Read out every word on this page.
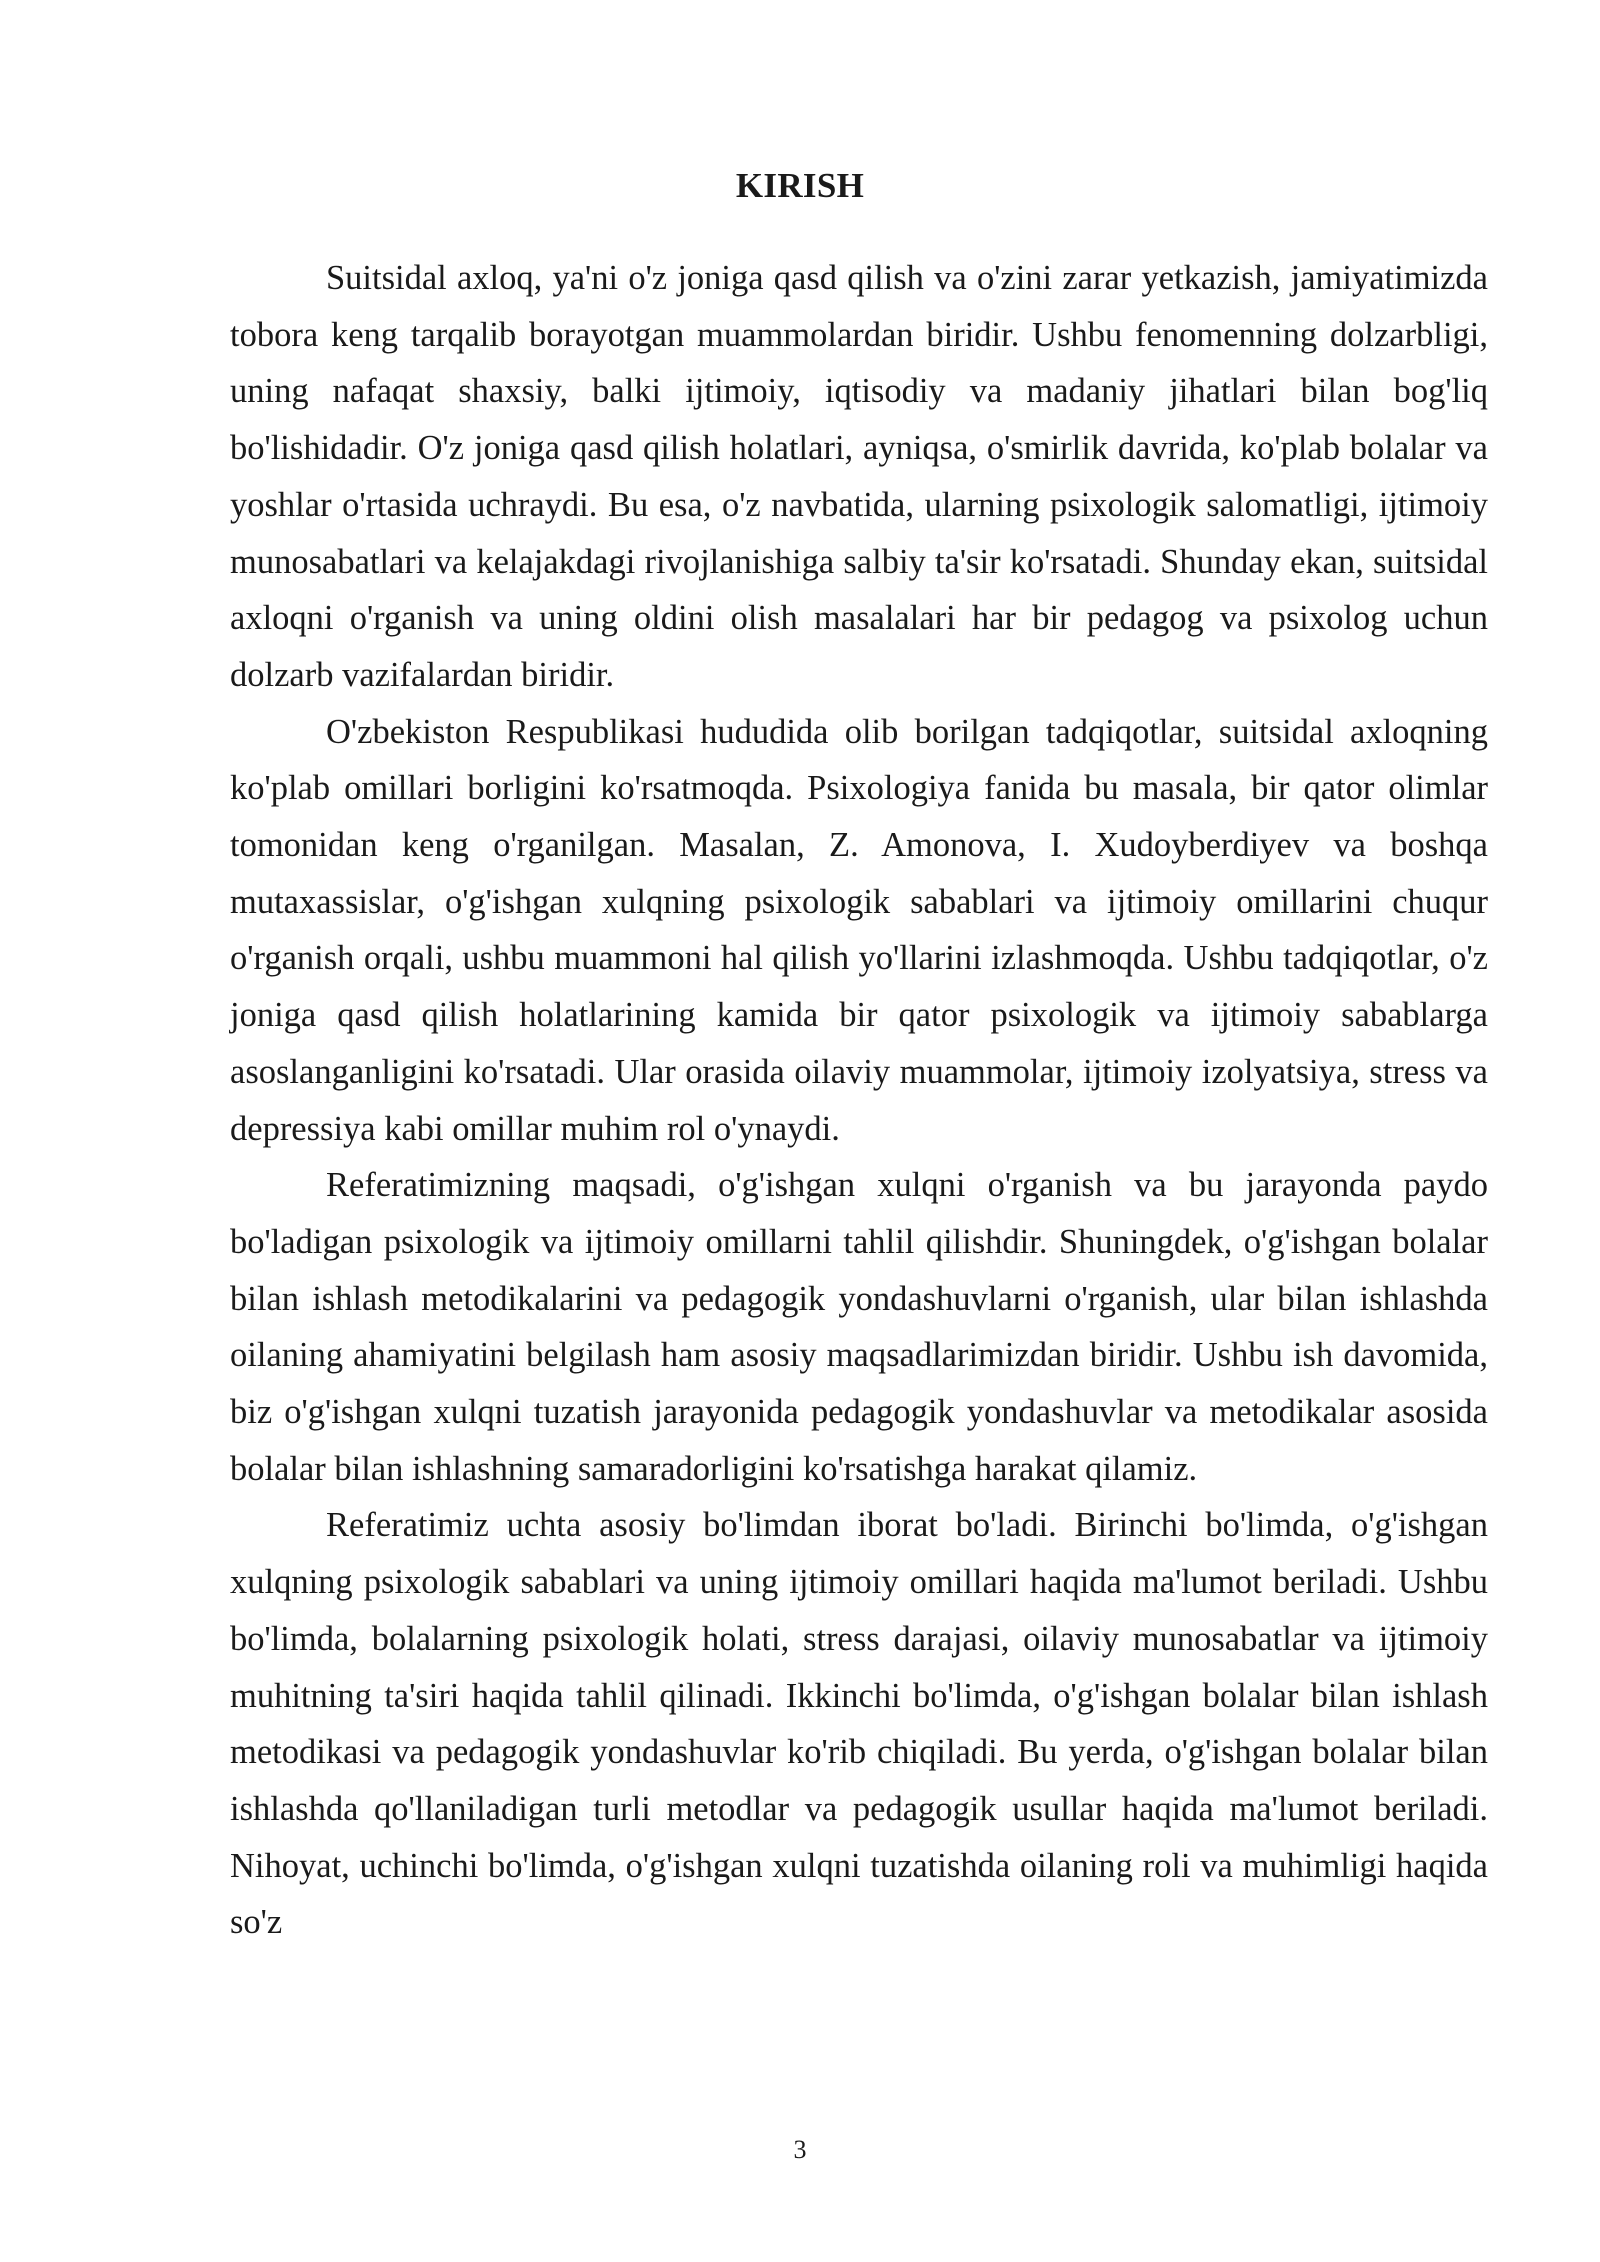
KIRISH

Suitsidal axloq, ya'ni o'z joniga qasd qilish va o'zini zarar yetkazish, jamiyatimizda tobora keng tarqalib borayotgan muammolardan biridir. Ushbu fenomenning dolzarbligi, uning nafaqat shaxsiy, balki ijtimoiy, iqtisodiy va madaniy jihatlari bilan bog'liq bo'lishidadir. O'z joniga qasd qilish holatlari, ayniqsa, o'smirlik davrida, ko'plab bolalar va yoshlar o'rtasida uchraydi. Bu esa, o'z navbatida, ularning psixologik salomatligi, ijtimoiy munosabatlari va kelajakdagi rivojlanishiga salbiy ta'sir ko'rsatadi. Shunday ekan, suitsidal axloqni o'rganish va uning oldini olish masalalari har bir pedagog va psixolog uchun dolzarb vazifalardan biridir.

O'zbekiston Respublikasi hududida olib borilgan tadqiqotlar, suitsidal axloqning ko'plab omillari borligini ko'rsatmoqda. Psixologiya fanida bu masala, bir qator olimlar tomonidan keng o'rganilgan. Masalan, Z. Amonova, I. Xudoyberdiyev va boshqa mutaxassislar, o'g'ishgan xulqning psixologik sabablari va ijtimoiy omillarini chuqur o'rganish orqali, ushbu muammoni hal qilish yo'llarini izlashmoqda. Ushbu tadqiqotlar, o'z joniga qasd qilish holatlarining kamida bir qator psixologik va ijtimoiy sabablarga asoslanganligini ko'rsatadi. Ular orasida oilaviy muammolar, ijtimoiy izolyatsiya, stress va depressiya kabi omillar muhim rol o'ynaydi.

Referatimizning maqsadi, o'g'ishgan xulqni o'rganish va bu jarayonda paydo bo'ladigan psixologik va ijtimoiy omillarni tahlil qilishdir. Shuningdek, o'g'ishgan bolalar bilan ishlash metodikalarini va pedagogik yondashuvlarni o'rganish, ular bilan ishlashda oilaning ahamiyatini belgilash ham asosiy maqsadlarimizdan biridir. Ushbu ish davomida, biz o'g'ishgan xulqni tuzatish jarayonida pedagogik yondashuvlar va metodikalar asosida bolalar bilan ishlashning samaradorligini ko'rsatishga harakat qilamiz.

Referatimiz uchta asosiy bo'limdan iborat bo'ladi. Birinchi bo'limda, o'g'ishgan xulqning psixologik sabablari va uning ijtimoiy omillari haqida ma'lumot beriladi. Ushbu bo'limda, bolalarning psixologik holati, stress darajasi, oilaviy munosabatlar va ijtimoiy muhitning ta'siri haqida tahlil qilinadi. Ikkinchi bo'limda, o'g'ishgan bolalar bilan ishlash metodikasi va pedagogik yondashuvlar ko'rib chiqiladi. Bu yerda, o'g'ishgan bolalar bilan ishlashda qo'llaniladigan turli metodlar va pedagogik usullar haqida ma'lumot beriladi. Nihoyat, uchinchi bo'limda, o'g'ishgan xulqni tuzatishda oilaning roli va muhimligi haqida so'z

3
